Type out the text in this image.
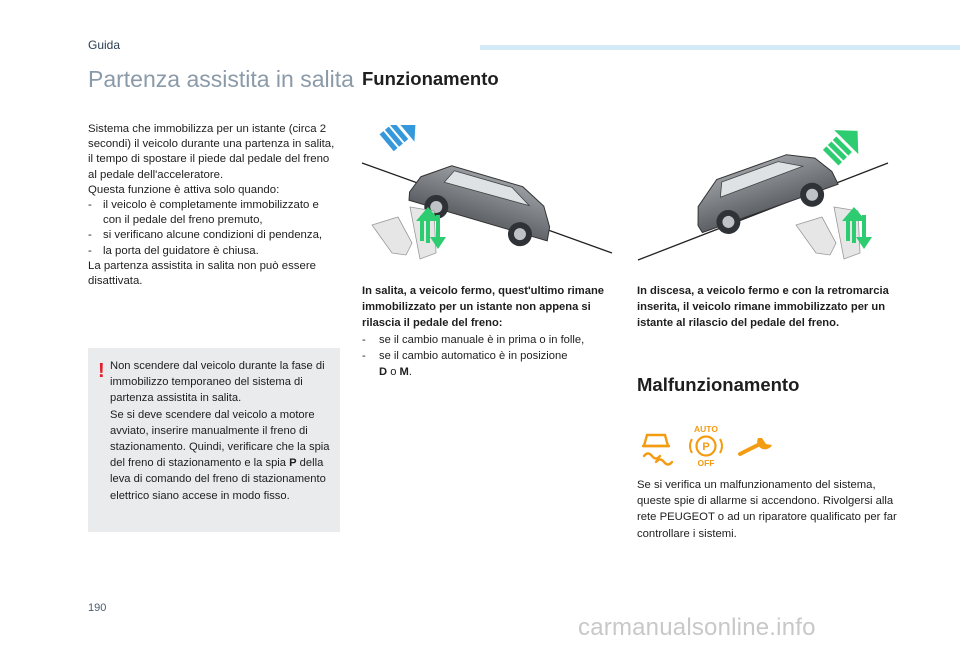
Guida
Partenza assistita in salita

Sistema che immobilizza per un istante (circa 2 secondi) il veicolo durante una partenza in salita, il tempo di spostare il piede dal pedale del freno al pedale dell'acceleratore.

Questa funzione è attiva solo quando:

- il veicolo è completamente immobilizzato e con il pedale del freno premuto,
- si verificano alcune condizioni di pendenza,
- la porta del guidatore è chiusa.

La partenza assistita in salita non può essere disattivata.

! Non scendere dal veicolo durante la fase di immobilizzo temporaneo del sistema di partenza assistita in salita.

Se si deve scendere dal veicolo a motore avviato, inserire manualmente il freno di stazionamento. Quindi, verificare che la spia del freno di stazionamento e la spia P della leva di comando del freno di stazionamento elettrico siano accese in modo fisso.

Funzionamento
In salita, a veicolo fermo, quest'ultimo rimane immobilizzato per un istante non appena si rilascia il pedale del freno:
- se il cambio manuale è in prima o in folle,
- se il cambio automatico è in posizione
D o M.
In discesa, a veicolo fermo e con la retromarcia inserita, il veicolo rimane immobilizzato per un istante al rilascio del pedale del freno.
Malfunzionamento
AUTO
P
OFF
Se si verifica un malfunzionamento del sistema, queste spie di allarme si accendono. Rivolgersi alla rete PEUGEOT o ad un riparatore qualificato per far controllare i sistemi.
190
carmanualsonline.info
